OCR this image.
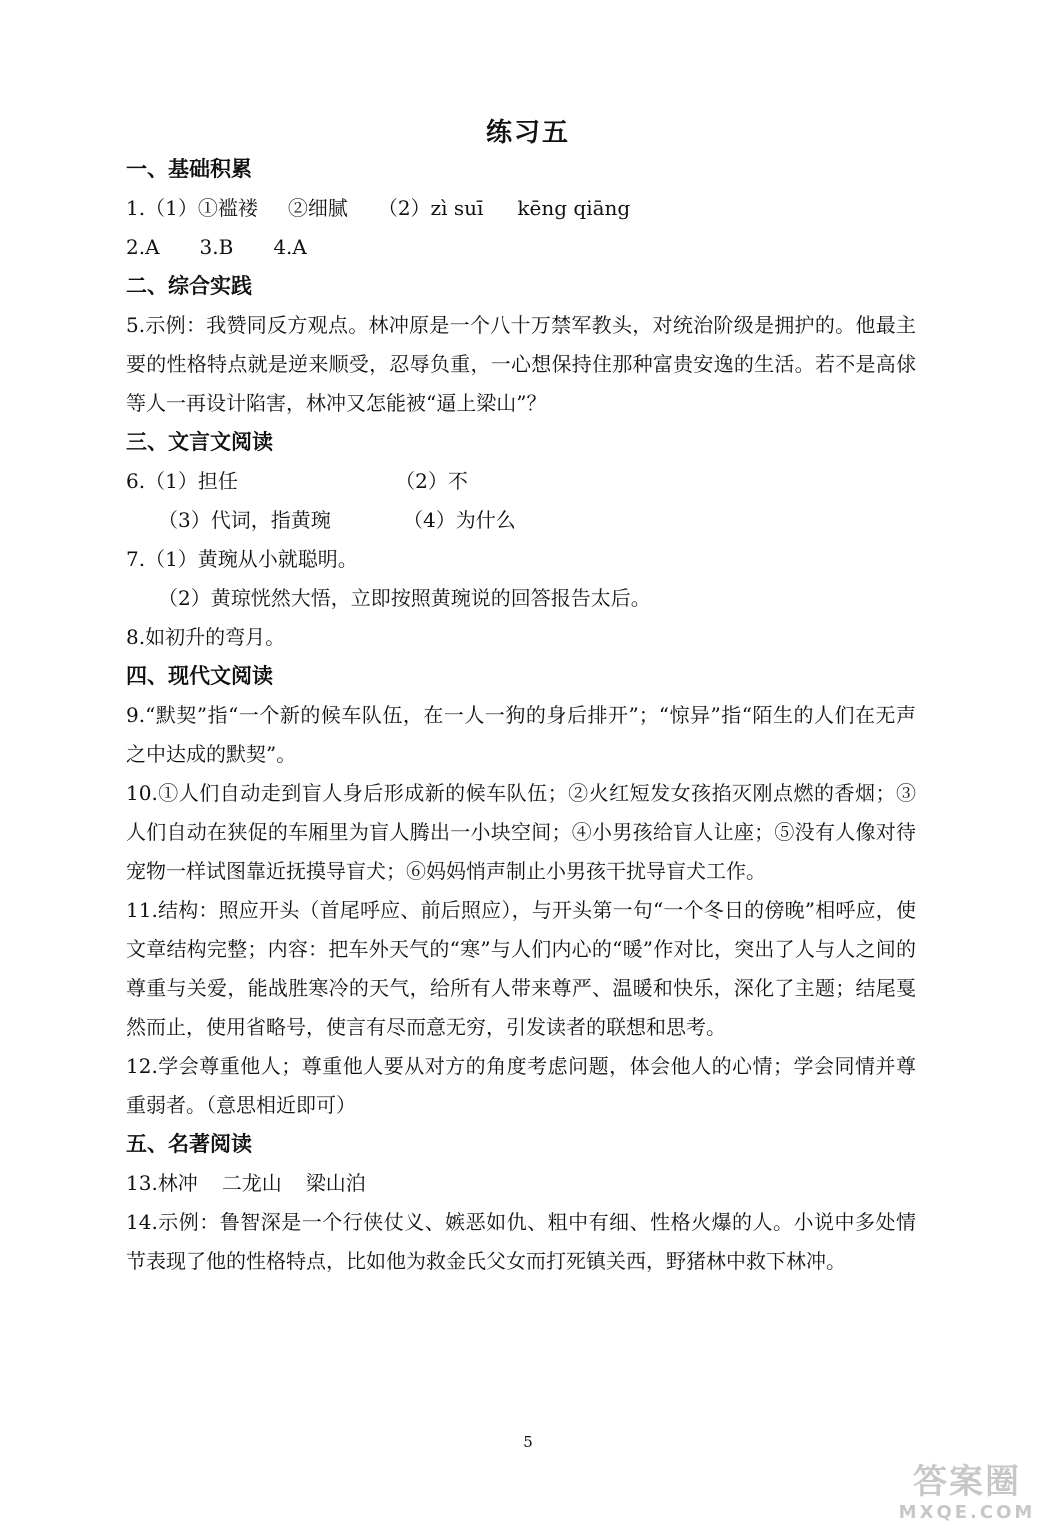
练习五
一、基础积累
1.（1）①褴褛 ②细腻 （2）zì suī kēng qiāng
2.A 3.B 4.A
二、综合实践
5.示例：我赞同反方观点。林冲原是一个八十万禁军教头，对统治阶级是拥护的。他最主要的性格特点就是逆来顺受，忍辱负重，一心想保持住那种富贵安逸的生活。若不是高俅等人一再设计陷害，林冲又怎能被“逼上梁山”？
三、文言文阅读
6.（1）担任	（2）不
（3）代词，指黄琬	（4）为什么
7.（1）黄琬从小就聪明。
（2）黄琼恍然大悟，立即按照黄琬说的回答报告太后。
8.如初升的弯月。
四、现代文阅读
9.“默契”指“一个新的候车队伍，在一人一狗的身后排开”；“惊异”指“陌生的人们在无声之中达成的默契”。
10.①人们自动走到盲人身后形成新的候车队伍；②火红短发女孩掐灭刚点燃的香烟；③人们自动在狭促的车厢里为盲人腾出一小块空间；④小男孩给盲人让座；⑤没有人像对待宠物一样试图靠近抚摸导盲犬；⑥妈妈悄声制止小男孩干扰导盲犬工作。
11.结构：照应开头（首尾呼应、前后照应），与开头第一句“一个冬日的傍晚”相呼应，使文章结构完整；内容：把车外天气的“寒”与人们内心的“暖”作对比，突出了人与人之间的尊重与关爱，能战胜寒冷的天气，给所有人带来尊严、温暖和快乐，深化了主题；结尾戛然而止，使用省略号，使言有尽而意无穷，引发读者的联想和思考。
12.学会尊重他人；尊重他人要从对方的角度考虑问题，体会他人的心情；学会同情并尊重弱者。（意思相近即可）
五、名著阅读
13.林冲 二龙山 梁山泊
14.示例：鲁智深是一个行侠仗义、嫉恶如仇、粗中有细、性格火爆的人。小说中多处情节表现了他的性格特点，比如他为救金氏父女而打死镇关西，野猪林中救下林冲。
5
答案圈
MXQE.COM
